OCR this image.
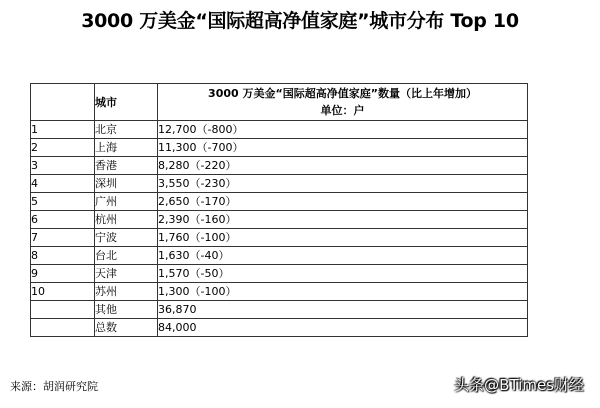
3000 万美金“国际超高净值家庭”城市分布 Top 10
	城市	3000 万美金“国际超高净值家庭”数量（比上年增加）
单位：户

1	北京	12,700（-800）
2	上海	11,300（-700）
3	香港	8,280（-220）
4	深圳	3,550（-230）
5	广州	2,650（-170）
6	杭州	2,390（-160）
7	宁波	1,760（-100）
8	台北	1,630（-40）
9	天津	1,570（-50）
10	苏州	1,300（-100）
	其他	36,870
	总数	84,000
来源：胡润研究院	头条@BTimes财经
